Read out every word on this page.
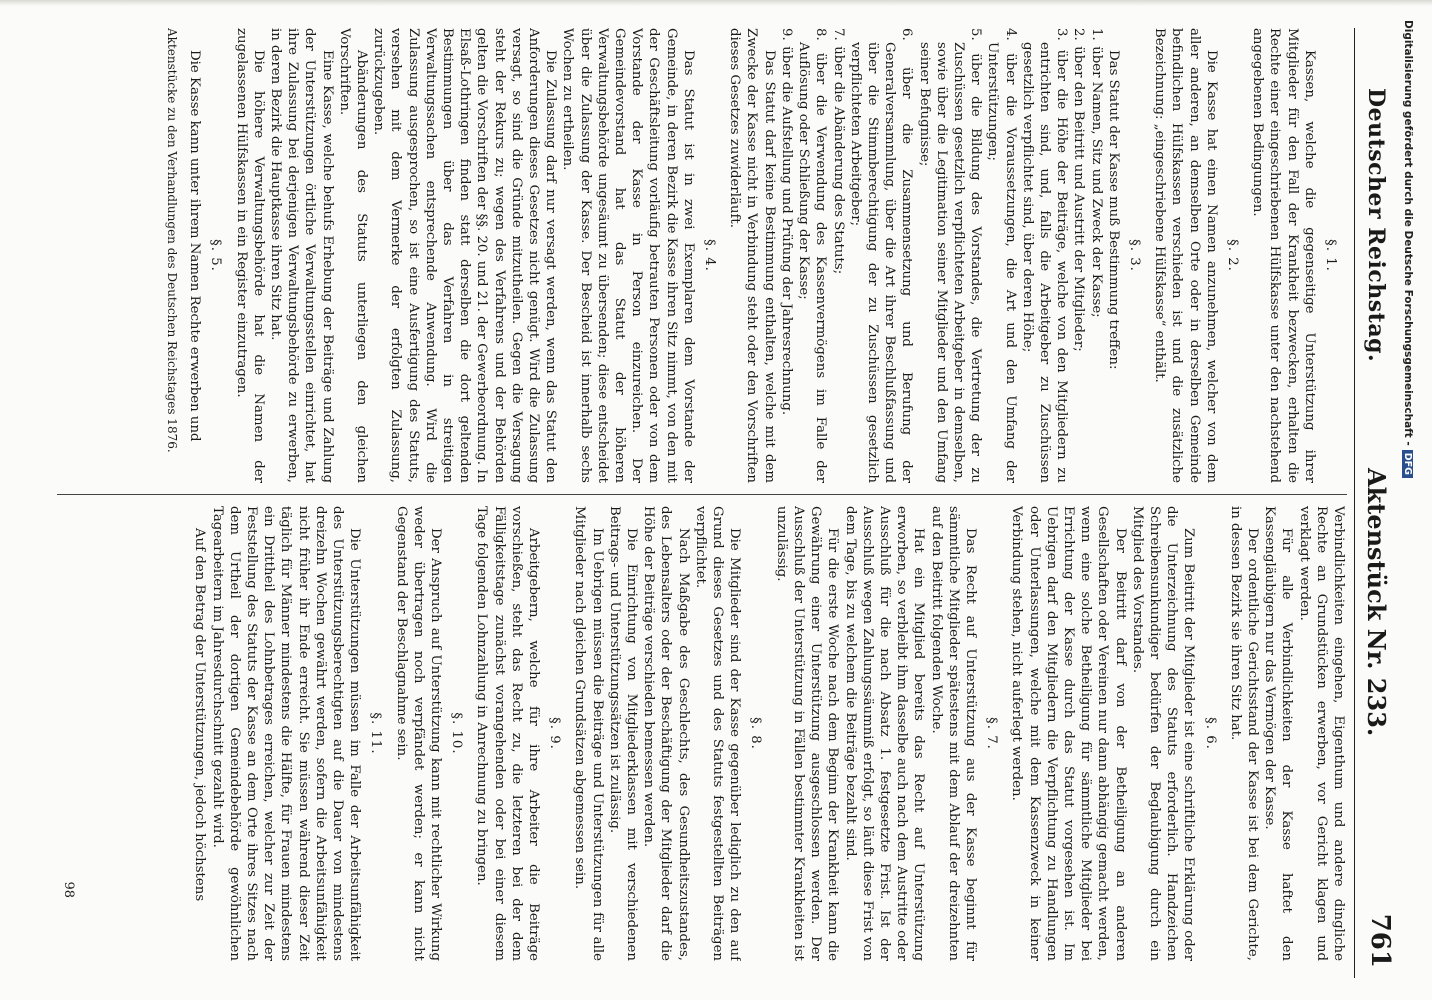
Deutscher Reichstag.
Aktenstück Nr. 233.
761
§. 1.

Kassen, welche die gegenseitige Unterstützung ihrer Mitglieder für den Fall der Krankheit bezwecken, erhalten die Rechte einer eingeschriebenen Hülfskasse unter den nachstehend angegebenen Bedingungen.

§. 2.

Die Kasse hat einen Namen anzunehmen, welcher von dem aller anderen, an demselben Orte oder in derselben Gemeinde befindlichen Hülfskassen verschieden ist und die zusätzliche Bezeichnung: „eingeschriebene Hülfskasse“ enthält.

§. 3.

Das Statut der Kasse muß Bestimmung treffen:

1. über Namen, Sitz und Zweck der Kasse;

2. über den Beitritt und Austritt der Mitglieder;

3. über die Höhe der Beiträge, welche von den Mitgliedern zu entrichten sind, und, falls die Arbeitgeber zu Zuschüssen gesetzlich verpflichtet sind, über deren Höhe;

4. über die Voraussetzungen, die Art und den Umfang der Unterstützungen;

5. über die Bildung des Vorstandes, die Vertretung der zu Zuschüssen gesetzlich verpflichteten Arbeitgeber in demselben, sowie über die Legitimation seiner Mitglieder und den Umfang seiner Befugnisse;

6. über die Zusammensetzung und Berufung der Generalversammlung, über die Art ihrer Beschlußfassung und über die Stimmberechtigung der zu Zuschüssen gesetzlich verpflichteten Arbeitgeber;

7. über die Abänderung des Statuts;

8. über die Verwendung des Kassenvermögens im Falle der Auflösung oder Schließung der Kasse;

9. über die Aufstellung und Prüfung der Jahresrechnung.

Das Statut darf keine Bestimmung enthalten, welche mit dem Zwecke der Kasse nicht in Verbindung steht oder den Vorschriften dieses Gesetzes zuwiderläuft.

§. 4.

Das Statut ist in zwei Exemplaren dem Vorstande der Gemeinde, in deren Bezirk die Kasse ihren Sitz nimmt, von den mit der Geschäftsleitung vorläufig betrauten Personen oder von dem Vorstande der Kasse in Person einzureichen. Der Gemeindevorstand hat das Statut der höheren Verwaltungsbehörde ungesäumt zu übersenden; diese entscheidet über die Zulassung der Kasse. Der Bescheid ist innerhalb sechs Wochen zu ertheilen.

Die Zulassung darf nur versagt werden, wenn das Statut den Anforderungen dieses Gesetzes nicht genügt. Wird die Zulassung versagt, so sind die Gründe mitzutheilen. Gegen die Versagung steht der Rekurs zu; wegen des Verfahrens und der Behörden gelten die Vorschriften der §§. 20. und 21. der Gewerbeordnung. In Elsaß-Lothringen finden statt derselben die dort geltenden Bestimmungen über das Verfahren in streitigen Verwaltungssachen entsprechende Anwendung. Wird die Zulassung ausgesprochen, so ist eine Ausfertigung des Statuts, versehen mit dem Vermerke der erfolgten Zulassung, zurückzugeben.

Abänderungen des Statuts unterliegen den gleichen Vorschriften.

Eine Kasse, welche behufs Erhebung der Beiträge und Zahlung der Unterstützungen örtliche Verwaltungsstellen einrichtet, hat ihre Zulassung bei derjenigen Verwaltungsbehörde zu erwerben, in deren Bezirk die Hauptkasse ihren Sitz hat.

Die höhere Verwaltungsbehörde hat die Namen der zugelassenen Hülfskassen in ein Register einzutragen.

§. 5.

Die Kasse kann unter ihrem Namen Rechte erwerben und

Aktenstücke zu den Verhandlungen des Deutschen Reichstages 1876.

Verbindlichkeiten eingehen, Eigenthum und andere dingliche Rechte an Grundstücken erwerben, vor Gericht klagen und verklagt werden.

Für alle Verbindlichkeiten der Kasse haftet den Kassengläubigern nur das Vermögen der Kasse.

Der ordentliche Gerichtsstand der Kasse ist bei dem Gerichte, in dessen Bezirk sie ihren Sitz hat.

§. 6.

Zum Beitritt der Mitglieder ist eine schriftliche Erklärung oder die Unterzeichnung des Statuts erforderlich. Handzeichen Schreibensunkundiger bedürfen der Beglaubigung durch ein Mitglied des Vorstandes.

Der Beitritt darf von der Betheiligung an anderen Gesellschaften oder Vereinen nur dann abhängig gemacht werden, wenn eine solche Betheiligung für sämmtliche Mitglieder bei Errichtung der Kasse durch das Statut vorgesehen ist. Im Uebrigen darf den Mitgliedern die Verpflichtung zu Handlungen oder Unterlassungen, welche mit dem Kassenzweck in keiner Verbindung stehen, nicht auferlegt werden.

§. 7.

Das Recht auf Unterstützung aus der Kasse beginnt für sämmtliche Mitglieder spätestens mit dem Ablauf der dreizehnten auf den Beitritt folgenden Woche.

Hat ein Mitglied bereits das Recht auf Unterstützung erworben, so verbleibt ihm dasselbe auch nach dem Austritte oder Ausschluß für die nach Absatz 1. festgesetzte Frist. Ist der Ausschluß wegen Zahlungssäumniß erfolgt, so läuft diese Frist von dem Tage, bis zu welchem die Beiträge bezahlt sind.

Für die erste Woche nach dem Beginn der Krankheit kann die Gewährung einer Unterstützung ausgeschlossen werden. Der Ausschluß der Unterstützung in Fällen bestimmter Krankheiten ist unzulässig.

§. 8.

Die Mitglieder sind der Kasse gegenüber lediglich zu den auf Grund dieses Gesetzes und des Statuts festgestellten Beiträgen verpflichtet.

Nach Maßgabe des Geschlechts, des Gesundheitszustandes, des Lebensalters oder der Beschäftigung der Mitglieder darf die Höhe der Beiträge verschieden bemessen werden.

Die Einrichtung von Mitgliederklassen mit verschiedenen Beitrags- und Unterstützungssätzen ist zulässig.

Im Uebrigen müssen die Beiträge und Unterstützungen für alle Mitglieder nach gleichen Grundsätzen abgemessen sein.

§. 9.

Arbeitgebern, welche für ihre Arbeiter die Beiträge vorschießen, steht das Recht zu, die letzteren bei der dem Fälligkeitstage zunächst vorangehenden oder bei einer diesem Tage folgenden Lohnzahlung in Anrechnung zu bringen.

§. 10.

Der Anspruch auf Unterstützung kann mit rechtlicher Wirkung weder übertragen noch verpfändet werden; er kann nicht Gegenstand der Beschlagnahme sein.

§. 11.

Die Unterstützungen müssen im Falle der Arbeitsunfähigkeit des Unterstützungsberechtigten auf die Dauer von mindestens dreizehn Wochen gewährt werden, sofern die Arbeitsunfähigkeit nicht früher ihr Ende erreicht. Sie müssen während dieser Zeit täglich für Männer mindestens die Hälfte, für Frauen mindestens ein Drittheil des Lohnbetrages erreichen, welcher zur Zeit der Feststellung des Statuts der Kasse an dem Orte ihres Sitzes nach dem Urtheil der dortigen Gemeindebehörde gewöhnlichen Tagearbeitern im Jahresdurchschnitt gezahlt wird.

Auf den Betrag der Unterstützungen, jedoch höchstens

98
Digitalisierung gefördert durch die Deutsche Forschungsgemeinschaft -DFG
